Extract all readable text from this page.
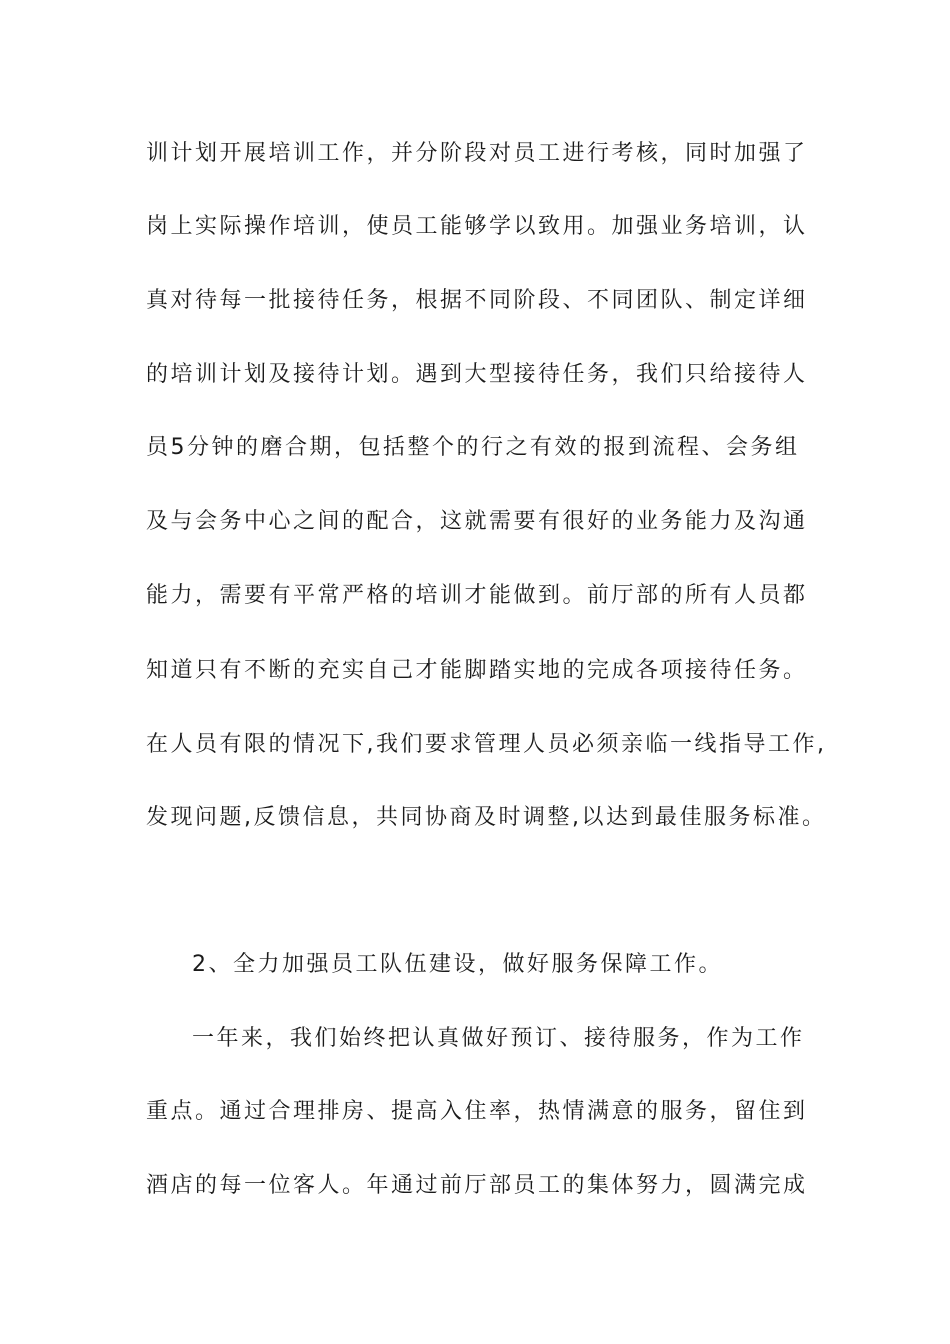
训计划开展培训工作，并分阶段对员工进行考核，同时加强了
岗上实际操作培训，使员工能够学以致用。加强业务培训，认
真对待每一批接待任务，根据不同阶段、不同团队、制定详细
的培训计划及接待计划。遇到大型接待任务，我们只给接待人
员5分钟的磨合期，包括整个的行之有效的报到流程、会务组
及与会务中心之间的配合，这就需要有很好的业务能力及沟通
能力，需要有平常严格的培训才能做到。前厅部的所有人员都
知道只有不断的充实自己才能脚踏实地的完成各项接待任务。
在人员有限的情况下,我们要求管理人员必须亲临一线指导工作,
发现问题,反馈信息，共同协商及时调整,以达到最佳服务标准。
2、全力加强员工队伍建设，做好服务保障工作。
一年来，我们始终把认真做好预订、接待服务，作为工作
重点。通过合理排房、提高入住率，热情满意的服务，留住到
酒店的每一位客人。年通过前厅部员工的集体努力，圆满完成
